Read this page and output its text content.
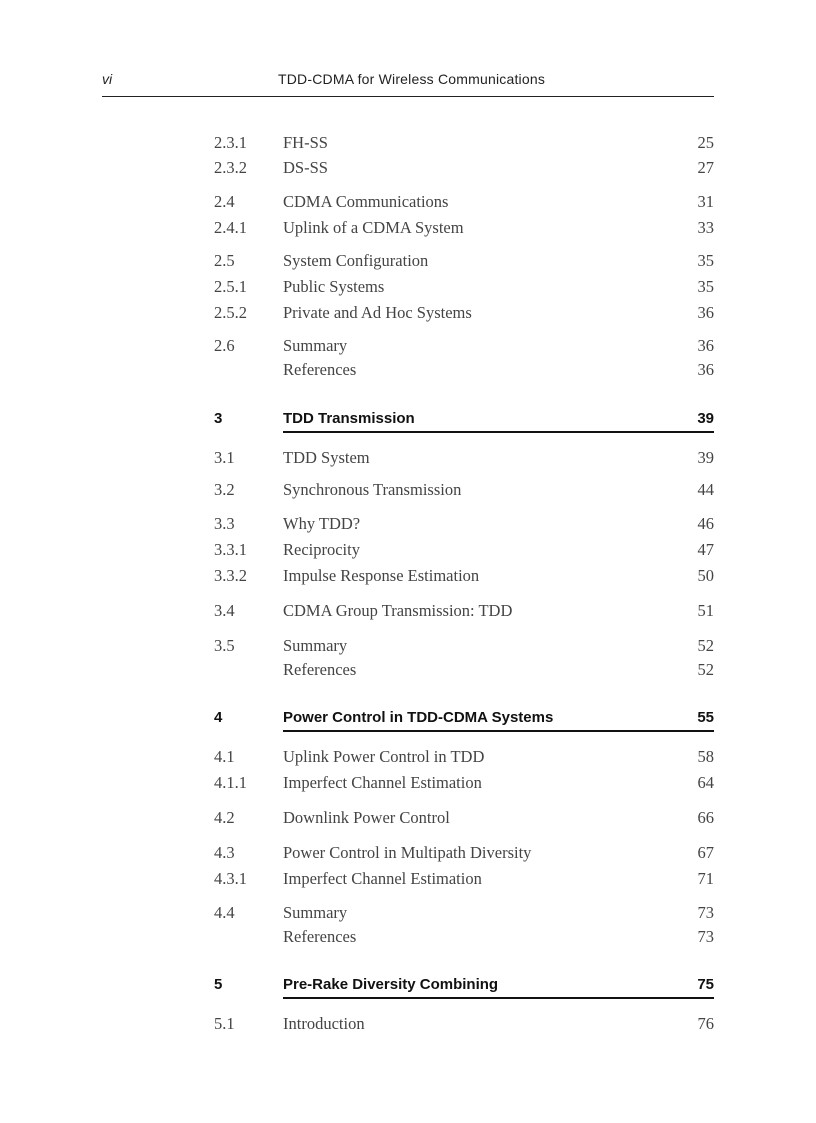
vi	TDD-CDMA for Wireless Communications
2.3.1 FH-SS	25
2.3.2 DS-SS	27
2.4	CDMA Communications	31
2.4.1 Uplink of a CDMA System	33
2.5	System Configuration	35
2.5.1 Public Systems	35
2.5.2 Private and Ad Hoc Systems	36
2.6	Summary	36
References	36
3	TDD Transmission	39
3.1	TDD System	39
3.2	Synchronous Transmission	44
3.3	Why TDD?	46
3.3.1 Reciprocity	47
3.3.2 Impulse Response Estimation	50
3.4	CDMA Group Transmission: TDD	51
3.5	Summary	52
References	52
4	Power Control in TDD-CDMA Systems	55
4.1	Uplink Power Control in TDD	58
4.1.1 Imperfect Channel Estimation	64
4.2	Downlink Power Control	66
4.3	Power Control in Multipath Diversity	67
4.3.1 Imperfect Channel Estimation	71
4.4	Summary	73
References	73
5	Pre-Rake Diversity Combining	75
5.1	Introduction	76
